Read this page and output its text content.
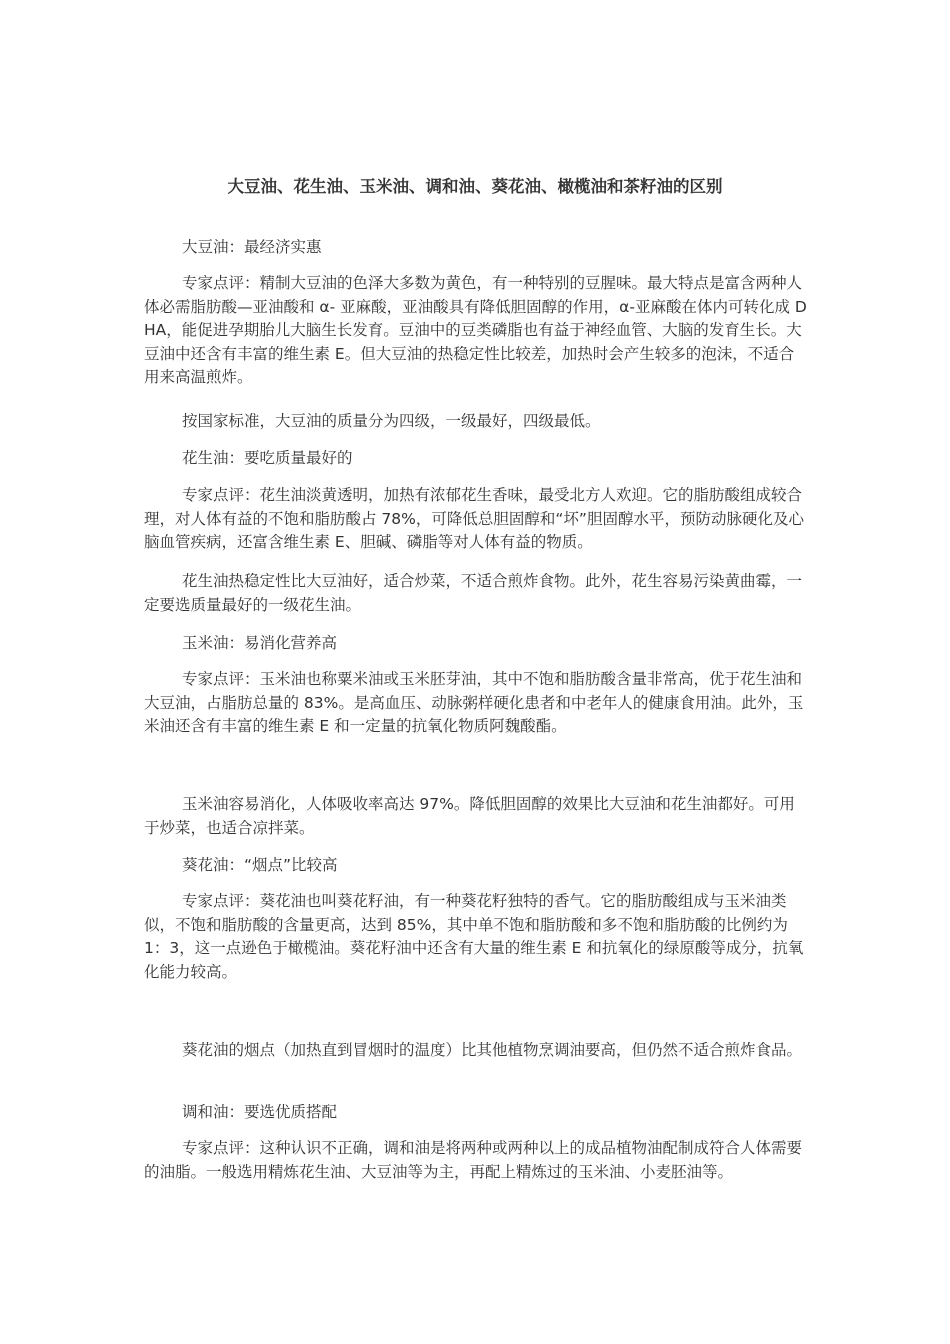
大豆油、花生油、玉米油、调和油、葵花油、橄榄油和茶籽油的区别

大豆油：最经济实惠

专家点评：精制大豆油的色泽大多数为黄色，有一种特别的豆腥味。最大特点是富含两种人体必需脂肪酸—亚油酸和 α- 亚麻酸，亚油酸具有降低胆固醇的作用，α-亚麻酸在体内可转化成 DHA，能促进孕期胎儿大脑生长发育。豆油中的豆类磷脂也有益于神经血管、大脑的发育生长。大豆油中还含有丰富的维生素 E。但大豆油的热稳定性比较差，加热时会产生较多的泡沫，不适合用来高温煎炸。

按国家标准，大豆油的质量分为四级，一级最好，四级最低。

花生油：要吃质量最好的

专家点评：花生油淡黄透明，加热有浓郁花生香味，最受北方人欢迎。它的脂肪酸组成较合理，对人体有益的不饱和脂肪酸占 78%，可降低总胆固醇和“坏”胆固醇水平，预防动脉硬化及心脑血管疾病，还富含维生素 E、胆碱、磷脂等对人体有益的物质。

花生油热稳定性比大豆油好，适合炒菜，不适合煎炸食物。此外，花生容易污染黄曲霉，一定要选质量最好的一级花生油。

玉米油：易消化营养高

专家点评：玉米油也称粟米油或玉米胚芽油，其中不饱和脂肪酸含量非常高，优于花生油和大豆油，占脂肪总量的 83%。是高血压、动脉粥样硬化患者和中老年人的健康食用油。此外，玉米油还含有丰富的维生素 E 和一定量的抗氧化物质阿魏酸酯。

玉米油容易消化，人体吸收率高达 97%。降低胆固醇的效果比大豆油和花生油都好。可用于炒菜，也适合凉拌菜。

葵花油：“烟点”比较高

专家点评：葵花油也叫葵花籽油，有一种葵花籽独特的香气。它的脂肪酸组成与玉米油类似，不饱和脂肪酸的含量更高，达到 85%，其中单不饱和脂肪酸和多不饱和脂肪酸的比例约为 1：3，这一点逊色于橄榄油。葵花籽油中还含有大量的维生素 E 和抗氧化的绿原酸等成分，抗氧化能力较高。

葵花油的烟点（加热直到冒烟时的温度）比其他植物烹调油要高，但仍然不适合煎炸食品。

调和油：要选优质搭配

专家点评：这种认识不正确，调和油是将两种或两种以上的成品植物油配制成符合人体需要的油脂。一般选用精炼花生油、大豆油等为主，再配上精炼过的玉米油、小麦胚油等。
